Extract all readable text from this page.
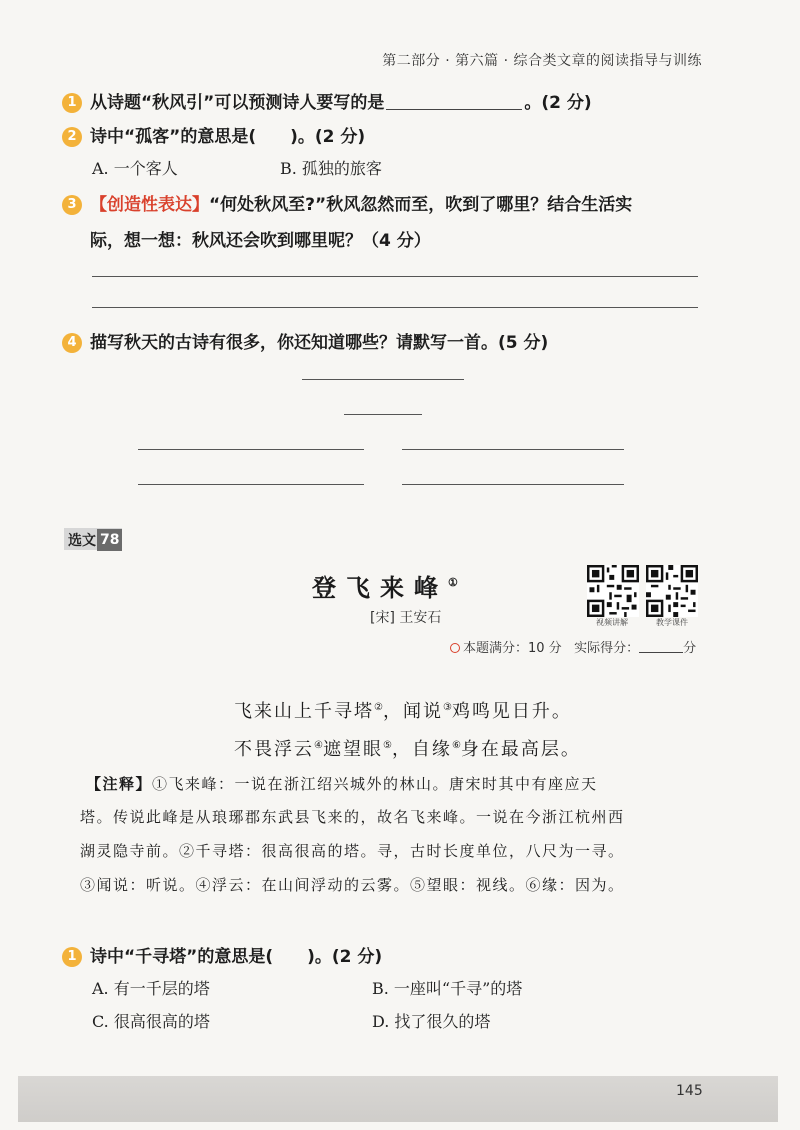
第二部分 · 第六篇 · 综合类文章的阅读指导与训练
1 从诗题“秋风引”可以预测诗人要写的是	。(2 分)
2 诗中“孤客”的意思是(　　)。(2 分)
A. 一个客人	B. 孤独的旅客
3 【创造性表达】“何处秋风至?”秋风忽然而至，吹到了哪里？结合生活实
际，想一想：秋风还会吹到哪里呢？（4 分）
4 描写秋天的古诗有很多，你还知道哪些？请默写一首。(5 分)
选文 78
登飞来峰①
[宋] 王安石	视频讲解	教学课件
本题满分：10 分 实际得分：	分
飞来山上千寻塔②，闻说③鸡鸣见日升。
不畏浮云④遮望眼⑤，自缘⑥身在最高层。
【注释】①飞来峰：一说在浙江绍兴城外的林山。唐宋时其中有座应天
塔。传说此峰是从琅琊郡东武县飞来的，故名飞来峰。一说在今浙江杭州西
湖灵隐寺前。②千寻塔：很高很高的塔。寻，古时长度单位，八尺为一寻。
③闻说：听说。④浮云：在山间浮动的云雾。⑤望眼：视线。⑥缘：因为。
1 诗中“千寻塔”的意思是(　　)。(2 分)
A. 有一千层的塔	B. 一座叫“千寻”的塔
C. 很高很高的塔	D. 找了很久的塔
145
